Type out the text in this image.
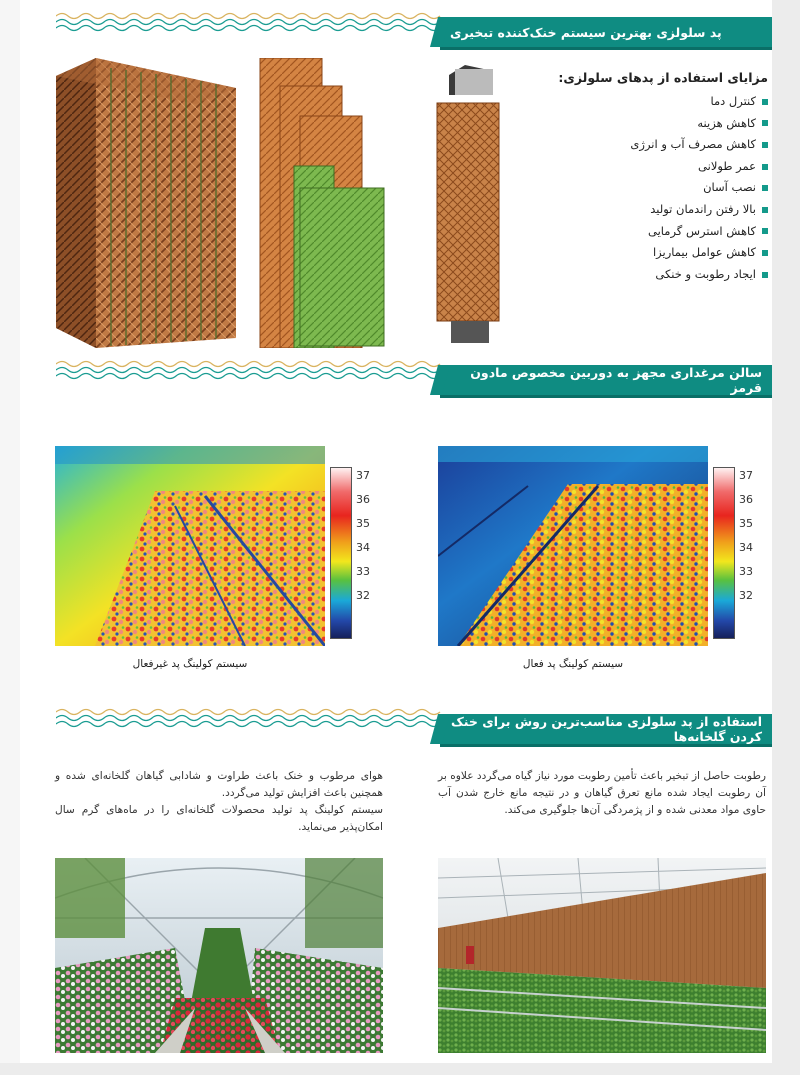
پد سلولزی بهترین سیستم خنک‌کننده تبخیری
مزایای استفاده از پدهای سلولزی:
کنترل دما
کاهش هزینه
کاهش مصرف آب و انرژی
عمر طولانی
نصب آسان
بالا رفتن راندمان تولید
کاهش استرس گرمایی
کاهش عوامل بیماریزا
ایجاد رطوبت و خنکی
سالن مرغداری مجهز به دوربین مخصوص مادون قرمز
37
36
35
34
33
32
سیستم کولینگ پد غیرفعال
37
36
35
34
33
32
سیستم کولینگ پد فعال
استفاده از پد سلولزی مناسب‌ترین روش برای خنک کردن گلخانه‌ها
رطوبت حاصل از تبخیر باعث تأمین رطوبت مورد نیاز گیاه می‌گردد علاوه بر آن رطوبت ایجاد شده مانع تعرق گیاهان و در نتیجه مانع خارج شدن آب حاوی مواد معدنی شده و از پژمردگی آن‌ها جلوگیری می‌کند.
هوای مرطوب و خنک باعث طراوت و شادابی گیاهان گلخانه‌ای شده و همچنین باعث افزایش تولید می‌گردد.
سیستم کولینگ پد تولید محصولات گلخانه‌ای را در ماه‌های گرم سال امکان‌پذیر می‌نماید.
